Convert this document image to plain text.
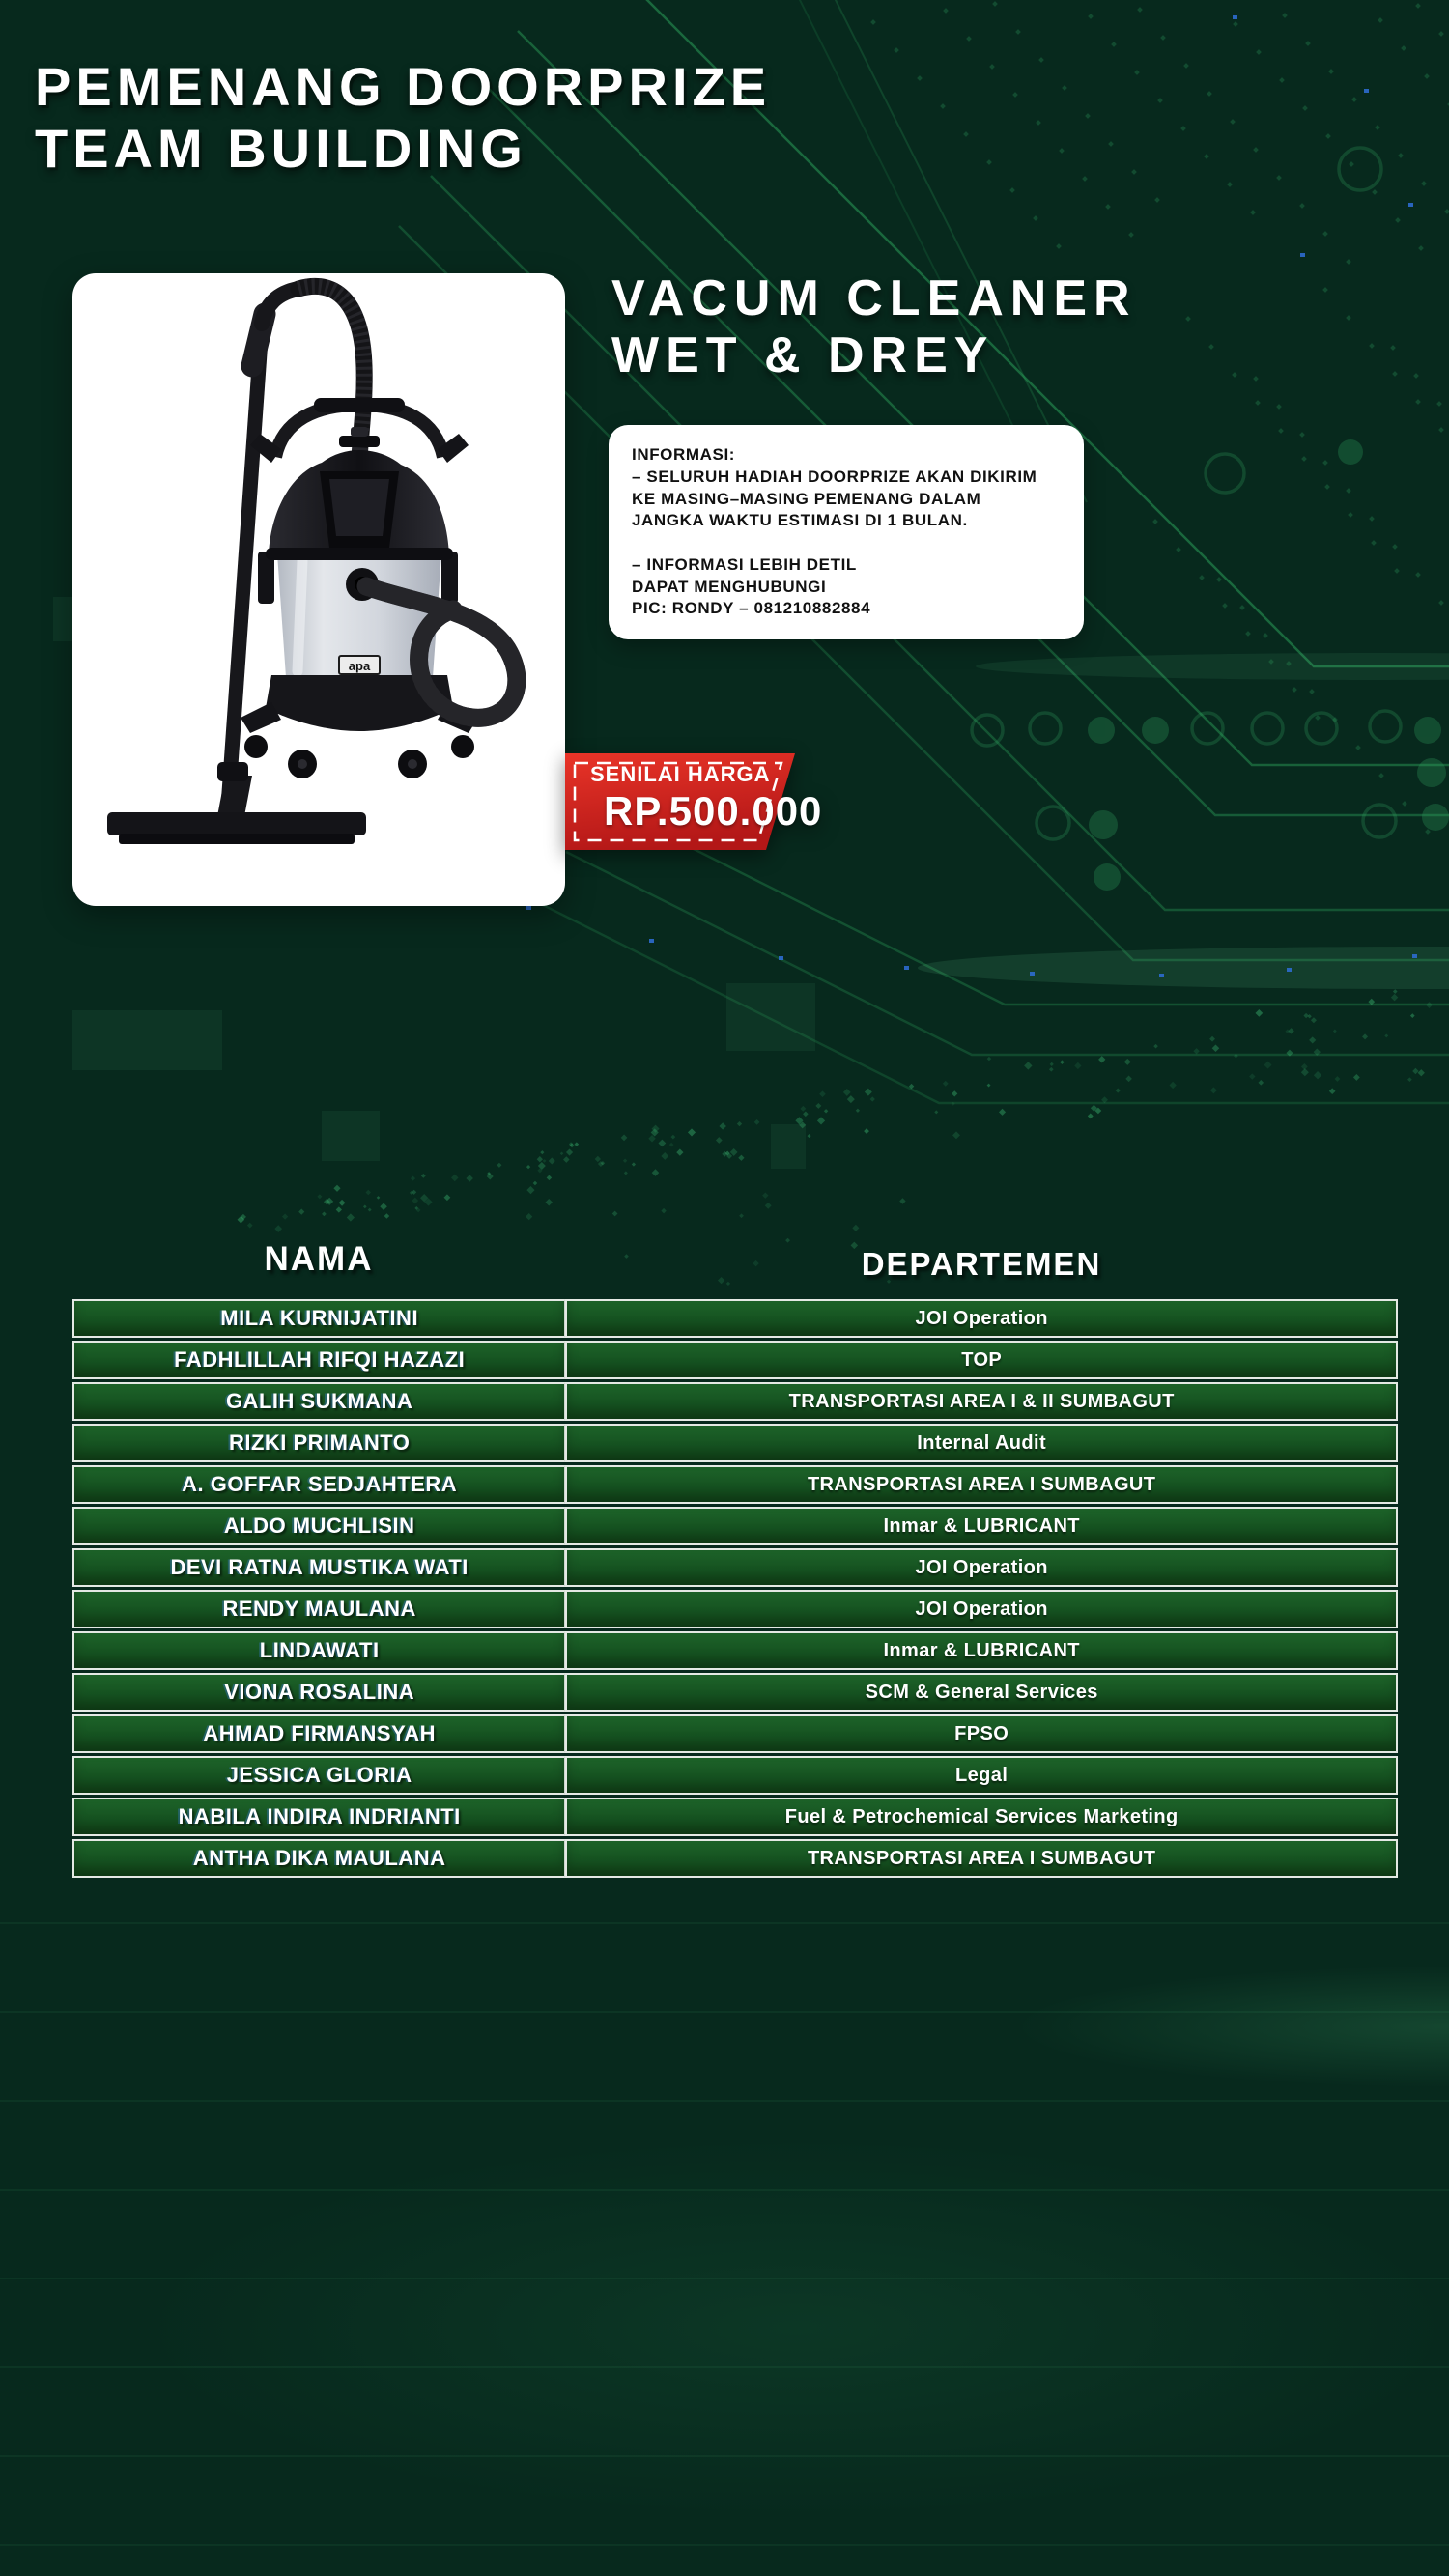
PEMENANG DOORPRIZE
TEAM BUILDING
apa
VACUM CLEANER
WET & DREY
INFORMASI:
– SELURUH HADIAH DOORPRIZE AKAN DIKIRIM
KE MASING–MASING PEMENANG DALAM
JANGKA WAKTU ESTIMASI DI 1 BULAN.
– INFORMASI LEBIH DETIL
DAPAT MENGHUBUNGI
PIC: RONDY – 081210882884
SENILAI HARGA
RP.500.000
NAMA	DEPARTEMEN
MILA KURNIJATINI	JOI Operation
FADHLILLAH RIFQI HAZAZI	TOP
GALIH SUKMANA	TRANSPORTASI AREA I & II SUMBAGUT
RIZKI PRIMANTO	Internal Audit
A. GOFFAR SEDJAHTERA	TRANSPORTASI AREA I SUMBAGUT
ALDO MUCHLISIN	Inmar & LUBRICANT
DEVI RATNA MUSTIKA WATI	JOI Operation
RENDY MAULANA	JOI Operation
LINDAWATI	Inmar & LUBRICANT
VIONA ROSALINA	SCM & General Services
AHMAD FIRMANSYAH	FPSO
JESSICA GLORIA	Legal
NABILA INDIRA INDRIANTI	Fuel & Petrochemical Services Marketing
ANTHA DIKA MAULANA	TRANSPORTASI AREA I SUMBAGUT
